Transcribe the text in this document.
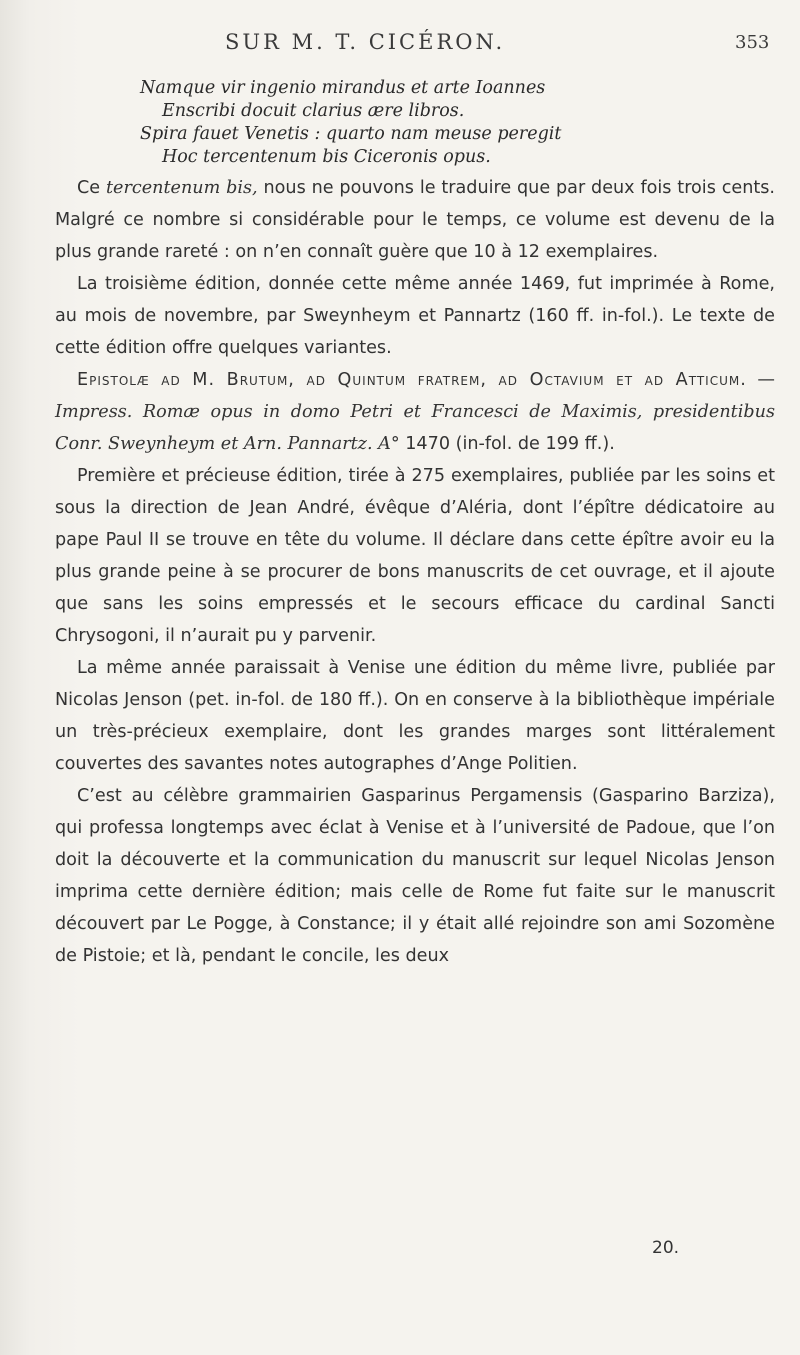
SUR M. T. CICÉRON.	353
Namque vir ingenio mirandus et arte Ioannes
Enscribi docuit clarius ære libros.
Spira fauet Venetis : quarto nam meuse peregit
Hoc tercentenum bis Ciceronis opus.

Ce tercentenum bis, nous ne pouvons le traduire que par deux fois trois cents. Malgré ce nombre si considérable pour le temps, ce volume est devenu de la plus grande rareté : on n’en connaît guère que 10 à 12 exemplaires.

La troisième édition, donnée cette même année 1469, fut imprimée à Rome, au mois de novembre, par Sweynheym et Pannartz (160 ff. in-fol.). Le texte de cette édition offre quelques variantes.

Epistolæ ad M. Brutum, ad Quintum fratrem, ad Octavium et ad Atticum. — Impress. Romæ opus in domo Petri et Francesci de Maximis, presidentibus Conr. Sweynheym et Arn. Pannartz. A° 1470 (in-fol. de 199 ff.).

Première et précieuse édition, tirée à 275 exemplaires, publiée par les soins et sous la direction de Jean André, évêque d’Aléria, dont l’épître dédicatoire au pape Paul II se trouve en tête du volume. Il déclare dans cette épître avoir eu la plus grande peine à se procurer de bons manuscrits de cet ouvrage, et il ajoute que sans les soins empressés et le secours efficace du cardinal Sancti Chrysogoni, il n’aurait pu y parvenir.

La même année paraissait à Venise une édition du même livre, publiée par Nicolas Jenson (pet. in-fol. de 180 ff.). On en conserve à la bibliothèque impériale un très-précieux exemplaire, dont les grandes marges sont littéralement couvertes des savantes notes autographes d’Ange Politien.

C’est au célèbre grammairien Gasparinus Pergamensis (Gasparino Barziza), qui professa longtemps avec éclat à Venise et à l’université de Padoue, que l’on doit la découverte et la communication du manuscrit sur lequel Nicolas Jenson imprima cette dernière édition; mais celle de Rome fut faite sur le manuscrit découvert par Le Pogge, à Constance; il y était allé rejoindre son ami Sozomène de Pistoie; et là, pendant le concile, les deux

20.
